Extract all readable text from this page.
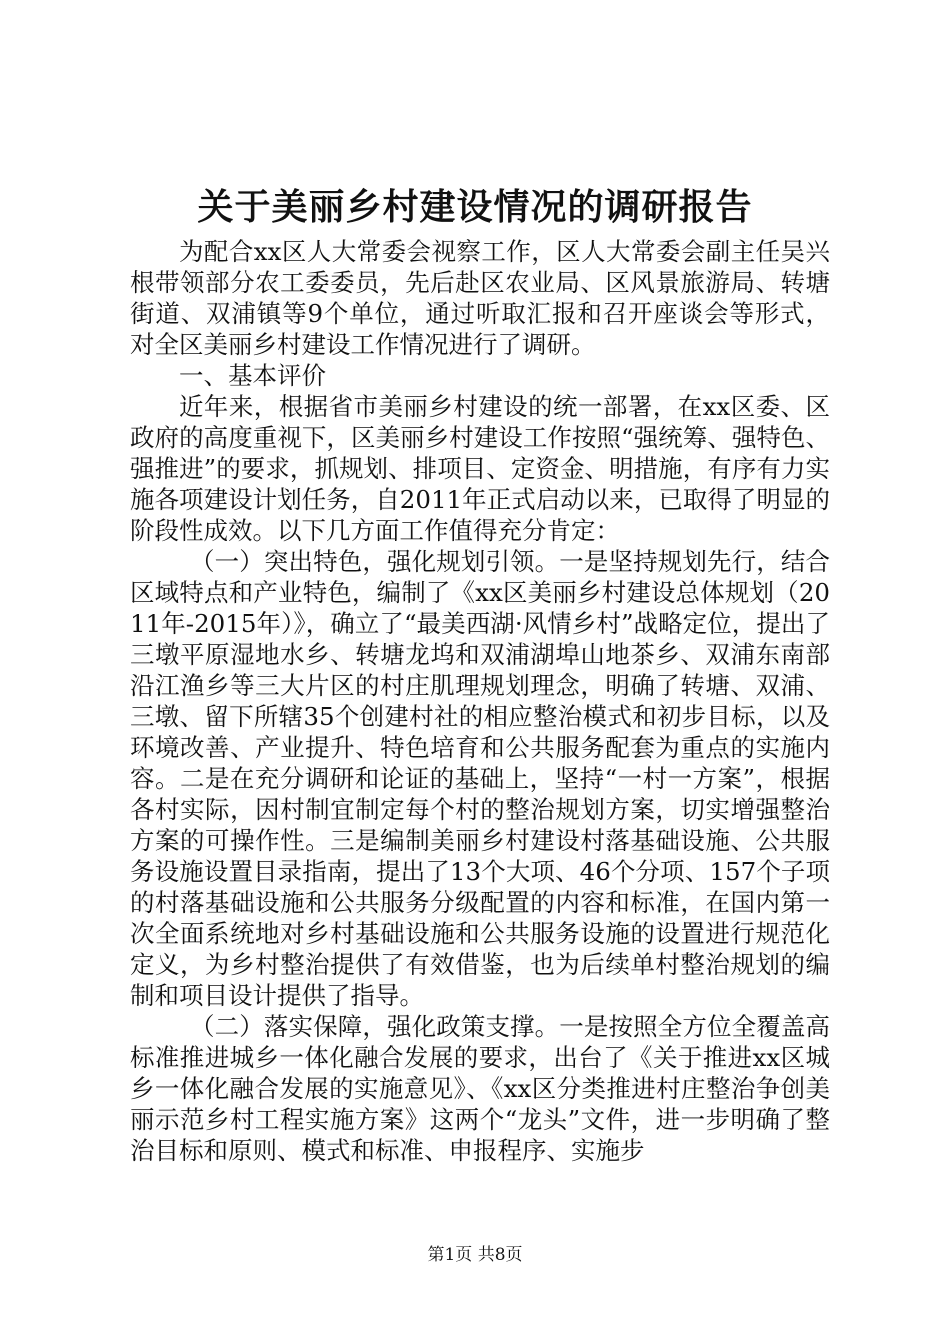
关于美丽乡村建设情况的调研报告

为配合xx区人大常委会视察工作，区人大常委会副主任吴兴根带领部分农工委委员，先后赴区农业局、区风景旅游局、转塘街道、双浦镇等9个单位，通过听取汇报和召开座谈会等形式，对全区美丽乡村建设工作情况进行了调研。

一、基本评价

近年来，根据省市美丽乡村建设的统一部署，在xx区委、区政府的高度重视下，区美丽乡村建设工作按照“强统筹、强特色、强推进”的要求，抓规划、排项目、定资金、明措施，有序有力实施各项建设计划任务，自2011年正式启动以来，已取得了明显的阶段性成效。以下几方面工作值得充分肯定：

（一）突出特色，强化规划引领。一是坚持规划先行，结合区域特点和产业特色，编制了《xx区美丽乡村建设总体规划（2011年-2015年）》，确立了“最美西湖·风情乡村”战略定位，提出了三墩平原湿地水乡、转塘龙坞和双浦湖埠山地茶乡、双浦东南部沿江渔乡等三大片区的村庄肌理规划理念，明确了转塘、双浦、三墩、留下所辖35个创建村社的相应整治模式和初步目标，以及环境改善、产业提升、特色培育和公共服务配套为重点的实施内容。二是在充分调研和论证的基础上，坚持“一村一方案”，根据各村实际，因村制宜制定每个村的整治规划方案，切实增强整治方案的可操作性。三是编制美丽乡村建设村落基础设施、公共服务设施设置目录指南，提出了13个大项、46个分项、157个子项的村落基础设施和公共服务分级配置的内容和标准，在国内第一次全面系统地对乡村基础设施和公共服务设施的设置进行规范化定义，为乡村整治提供了有效借鉴，也为后续单村整治规划的编制和项目设计提供了指导。

（二）落实保障，强化政策支撑。一是按照全方位全覆盖高标准推进城乡一体化融合发展的要求，出台了《关于推进xx区城乡一体化融合发展的实施意见》、《xx区分类推进村庄整治争创美丽示范乡村工程实施方案》这两个“龙头”文件，进一步明确了整治目标和原则、模式和标准、申报程序、实施步

第1页 共8页
